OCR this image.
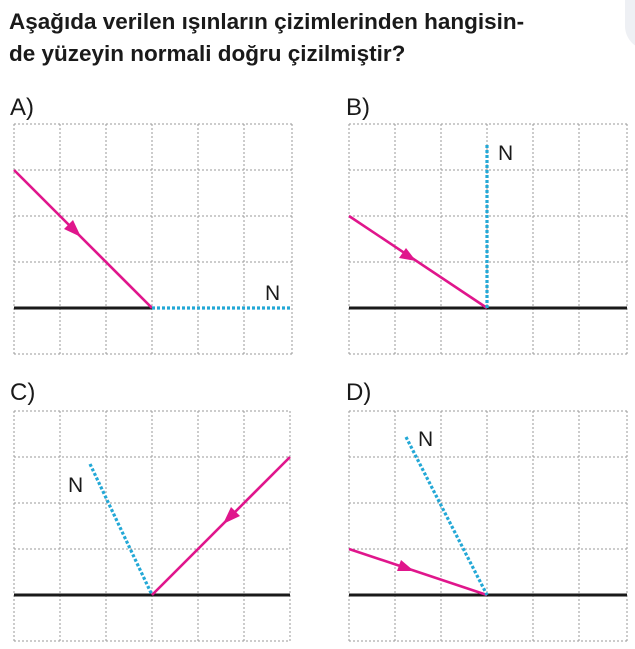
Aşağıda verilen ışınların çizimlerinden hangisin-
de yüzeyin normali doğru çizilmiştir?
A)
N
B)
N
C)
N
D)
N
